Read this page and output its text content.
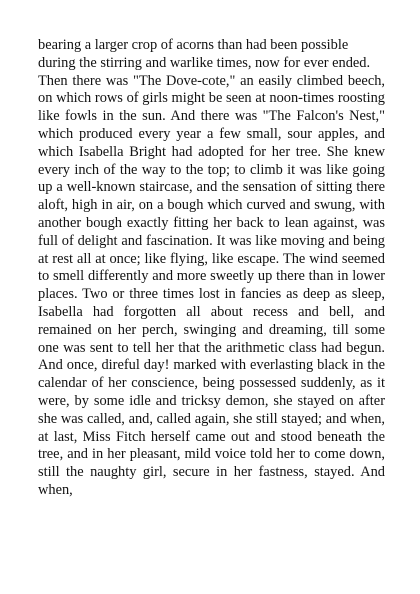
bearing a larger crop of acorns than had been possible during the stirring and warlike times, now for ever ended.

Then there was "The Dove-cote," an easily climbed beech, on which rows of girls might be seen at noon-times roosting like fowls in the sun. And there was "The Falcon's Nest," which produced every year a few small, sour apples, and which Isabella Bright had adopted for her tree. She knew every inch of the way to the top; to climb it was like going up a well-known staircase, and the sensation of sitting there aloft, high in air, on a bough which curved and swung, with another bough exactly fitting her back to lean against, was full of delight and fascination. It was like moving and being at rest all at once; like flying, like escape. The wind seemed to smell differently and more sweetly up there than in lower places. Two or three times lost in fancies as deep as sleep, Isabella had forgotten all about recess and bell, and remained on her perch, swinging and dreaming, till some one was sent to tell her that the arithmetic class had begun. And once, direful day! marked with everlasting black in the calendar of her conscience, being possessed suddenly, as it were, by some idle and tricksy demon, she stayed on after she was called, and, called again, she still stayed; and when, at last, Miss Fitch herself came out and stood beneath the tree, and in her pleasant, mild voice told her to come down, still the naughty girl, secure in her fastness, stayed. And when,
